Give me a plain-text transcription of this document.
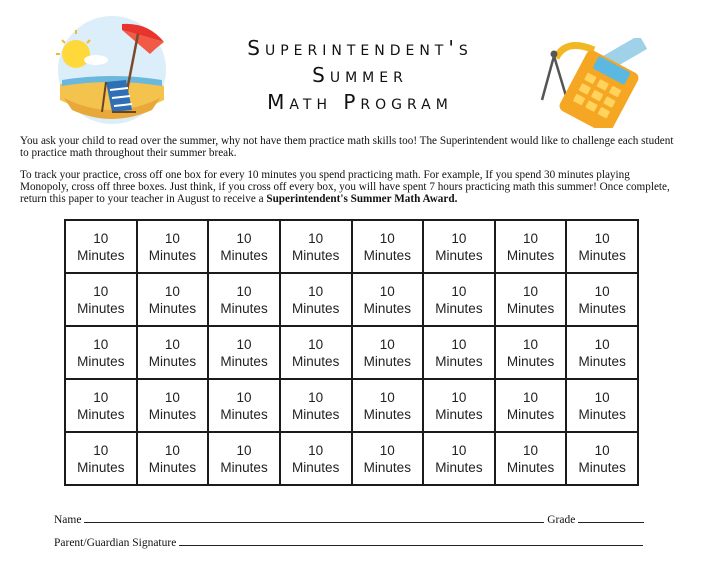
Superintendent's
Summer
Math Program

You ask your child to read over the summer, why not have them practice math skills too! The Superintendent would like to challenge each student to practice math throughout their summer break.

To track your practice, cross off one box for every 10 minutes you spend practicing math. For example, If you spend 30 minutes playing Monopoly, cross off three boxes. Just think, if you cross off every box, you will have spent 7 hours practicing math this summer! Once complete, return this paper to your teacher in August to receive a Superintendent's Summer Math Award.

10
Minutes	10
Minutes	10
Minutes	10
Minutes	10
Minutes	10
Minutes	10
Minutes	10
Minutes

10
Minutes	10
Minutes	10
Minutes	10
Minutes	10
Minutes	10
Minutes	10
Minutes	10
Minutes

10
Minutes	10
Minutes	10
Minutes	10
Minutes	10
Minutes	10
Minutes	10
Minutes	10
Minutes

10
Minutes	10
Minutes	10
Minutes	10
Minutes	10
Minutes	10
Minutes	10
Minutes	10
Minutes

10
Minutes	10
Minutes	10
Minutes	10
Minutes	10
Minutes	10
Minutes	10
Minutes	10
Minutes
Name	Grade
Parent/Guardian Signature
